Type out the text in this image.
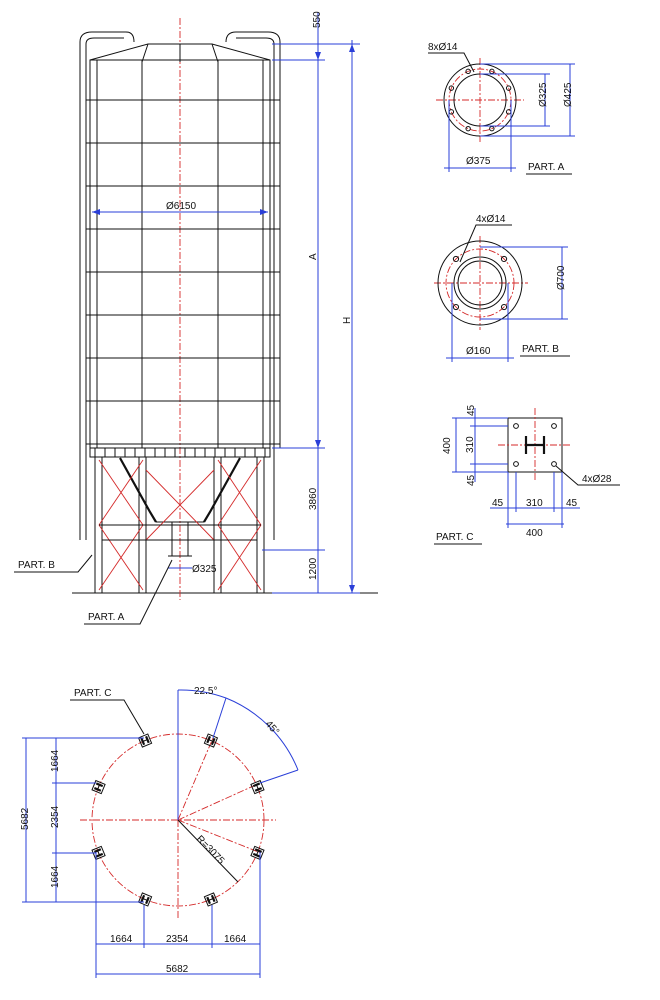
Ø6150
Ø325
550
A
H
3860
1200
PART. B
PART. A
8xØ14
Ø325 Ø425
Ø375
PART. A
4xØ14
Ø700
Ø160	PART. B
4xØ28
400 310
45
45
45 310 45
400
PART. C
R=3075
22.5°
45°
PART. C
1664	2354	1664
5682
5682
1664
2354
1664
